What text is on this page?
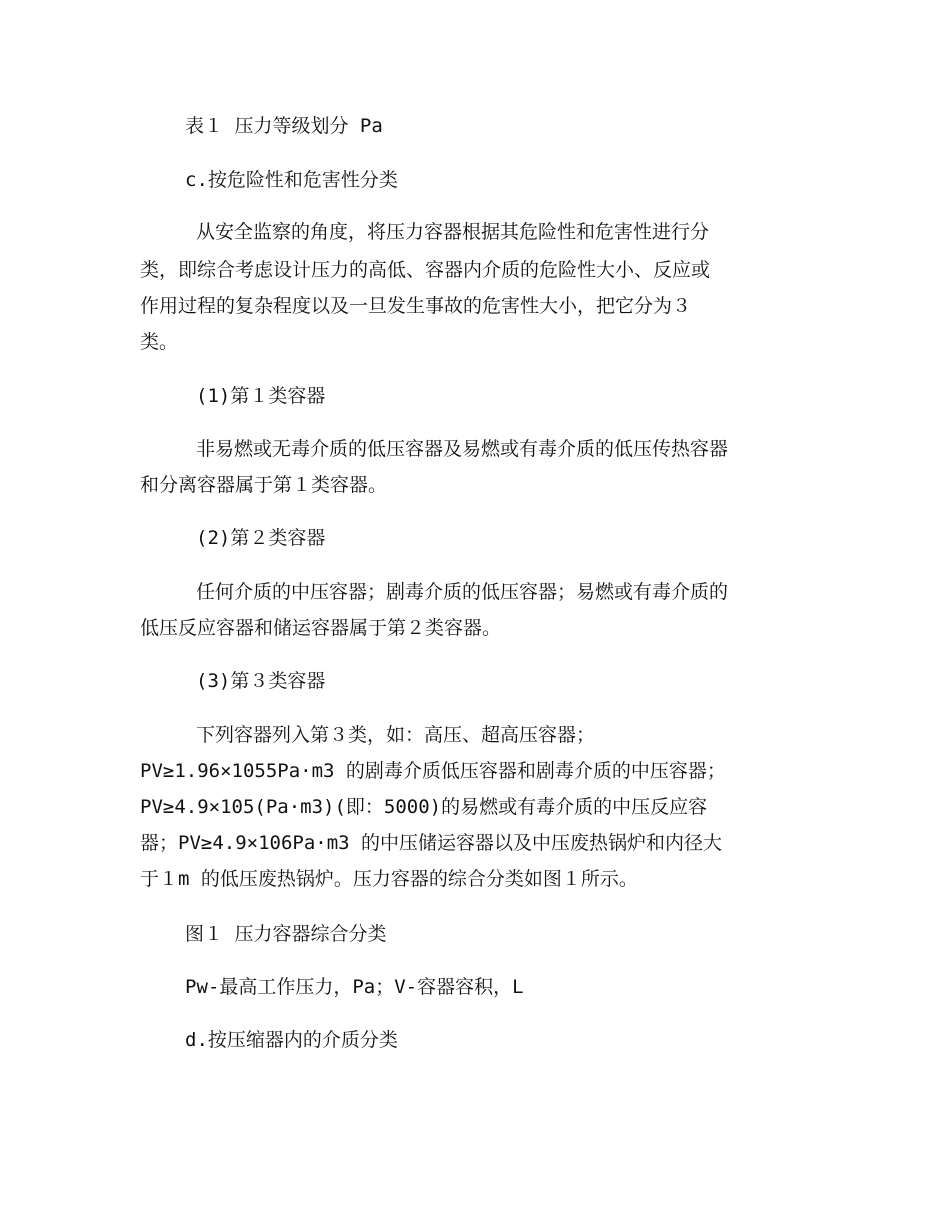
表１ 压力等级划分 Pa
c.按危险性和危害性分类
从安全监察的角度，将压力容器根据其危险性和危害性进行分
类，即综合考虑设计压力的高低、容器内介质的危险性大小、反应或
作用过程的复杂程度以及一旦发生事故的危害性大小，把它分为３
类。
(1)第１类容器
非易燃或无毒介质的低压容器及易燃或有毒介质的低压传热容器
和分离容器属于第１类容器。
(2)第２类容器
任何介质的中压容器；剧毒介质的低压容器；易燃或有毒介质的
低压反应容器和储运容器属于第２类容器。
(3)第３类容器
下列容器列入第３类，如：高压、超高压容器；
PV≥1.96×1055Pa·m3 的剧毒介质低压容器和剧毒介质的中压容器；
PV≥4.9×105(Pa·m3)(即：5000)的易燃或有毒介质的中压反应容
器；PV≥4.9×106Pa·m3 的中压储运容器以及中压废热锅炉和内径大
于１m 的低压废热锅炉。压力容器的综合分类如图１所示。
图１ 压力容器综合分类
Pw-最高工作压力，Pa；V-容器容积，L
d.按压缩器内的介质分类
